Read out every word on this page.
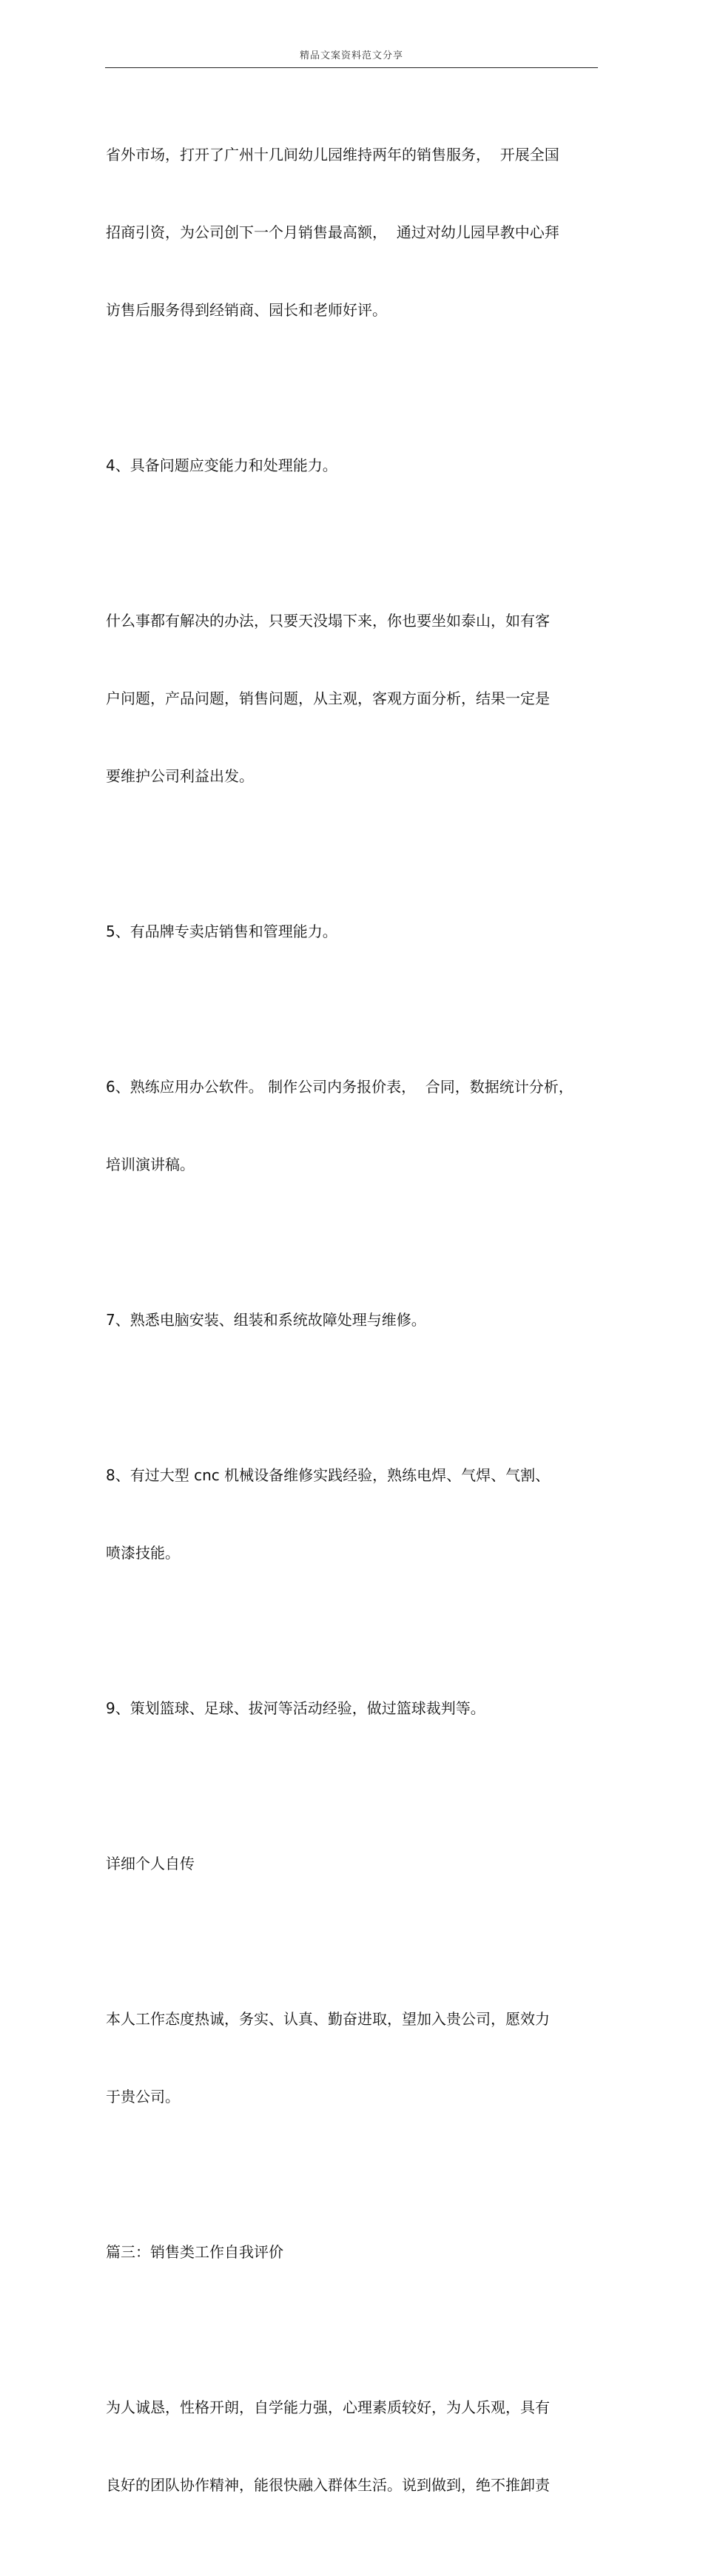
精品文案资料范文分享

省外市场，打开了广州十几间幼儿园维持两年的销售服务，  开展全国

招商引资，为公司创下一个月销售最高额，  通过对幼儿园早教中心拜

访售后服务得到经销商、园长和老师好评。

4、具备问题应变能力和处理能力。

什么事都有解决的办法，只要天没塌下来，你也要坐如泰山，如有客

户问题，产品问题，销售问题，从主观，客观方面分析，结果一定是

要维护公司利益出发。

5、有品牌专卖店销售和管理能力。

6、熟练应用办公软件。 制作公司内务报价表，  合同，数据统计分析，

培训演讲稿。

7、熟悉电脑安装、组装和系统故障处理与维修。

8、有过大型 cnc 机械设备维修实践经验，熟练电焊、气焊、气割、

喷漆技能。

9、策划篮球、足球、拔河等活动经验，做过篮球裁判等。

详细个人自传

本人工作态度热诚，务实、认真、勤奋进取，望加入贵公司，愿效力

于贵公司。

篇三：销售类工作自我评价

为人诚恳，性格开朗，自学能力强，心理素质较好，为人乐观，具有

良好的团队协作精神，能很快融入群体生活。说到做到，绝不推卸责
